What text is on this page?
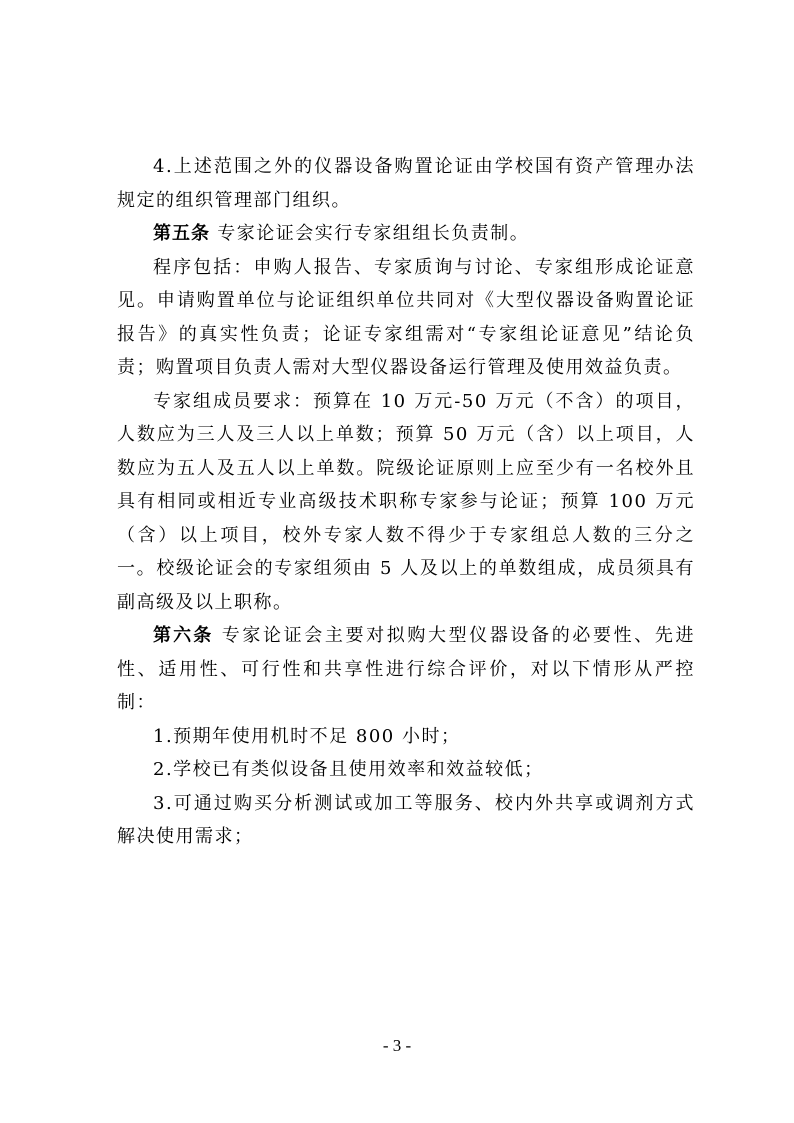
4.上述范围之外的仪器设备购置论证由学校国有资产管理办法规定的组织管理部门组织。

第五条 专家论证会实行专家组组长负责制。

程序包括：申购人报告、专家质询与讨论、专家组形成论证意见。申请购置单位与论证组织单位共同对《大型仪器设备购置论证报告》的真实性负责；论证专家组需对“专家组论证意见”结论负责；购置项目负责人需对大型仪器设备运行管理及使用效益负责。

专家组成员要求：预算在 10 万元-50 万元（不含）的项目，人数应为三人及三人以上单数；预算 50 万元（含）以上项目，人数应为五人及五人以上单数。院级论证原则上应至少有一名校外且具有相同或相近专业高级技术职称专家参与论证；预算 100 万元（含）以上项目，校外专家人数不得少于专家组总人数的三分之一。校级论证会的专家组须由 5 人及以上的单数组成，成员须具有副高级及以上职称。

第六条 专家论证会主要对拟购大型仪器设备的必要性、先进性、适用性、可行性和共享性进行综合评价，对以下情形从严控制：

1.预期年使用机时不足 800 小时；

2.学校已有类似设备且使用效率和效益较低；

3.可通过购买分析测试或加工等服务、校内外共享或调剂方式解决使用需求；

- 3 -
